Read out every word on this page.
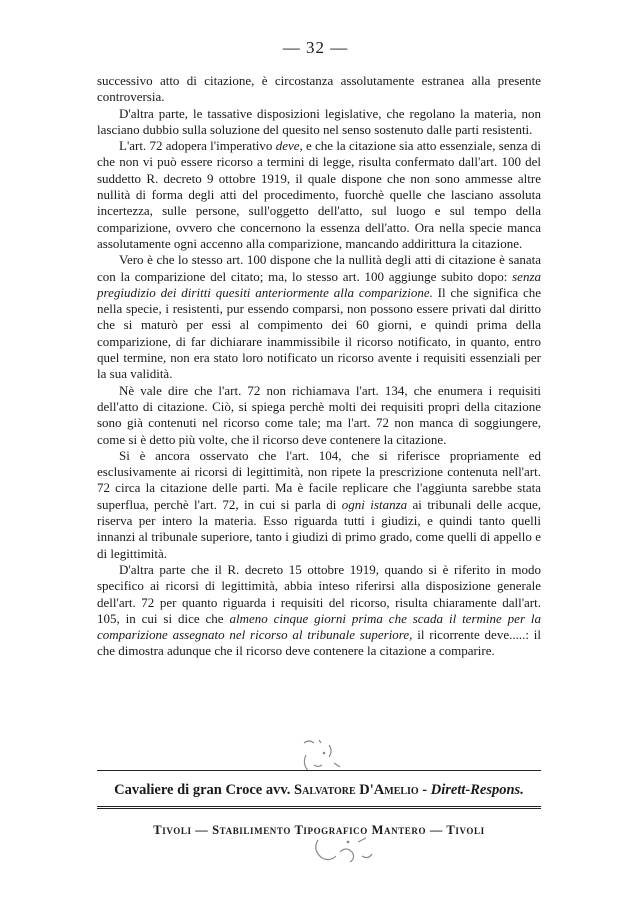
— 32 —

successivo atto di citazione, è circostanza assolutamente estranea alla presente controversia.

D'altra parte, le tassative disposizioni legislative, che regolano la materia, non lasciano dubbio sulla soluzione del quesito nel senso sostenuto dalle parti resistenti.

L'art. 72 adopera l'imperativo deve, e che la citazione sia atto essenziale, senza di che non vi può essere ricorso a termini di legge, risulta confermato dall'art. 100 del suddetto R. decreto 9 ottobre 1919, il quale dispone che non sono ammesse altre nullità di forma degli atti del procedimento, fuorchè quelle che lasciano assoluta incertezza, sulle persone, sull'oggetto dell'atto, sul luogo e sul tempo della comparizione, ovvero che concernono la essenza dell'atto. Ora nella specie manca assolutamente ogni accenno alla comparizione, mancando addirittura la citazione.

Vero è che lo stesso art. 100 dispone che la nullità degli atti di citazione è sanata con la comparizione del citato; ma, lo stesso art. 100 aggiunge subito dopo: senza pregiudizio dei diritti quesiti anteriormente alla comparizione. Il che significa che nella specie, i resistenti, pur essendo comparsi, non possono essere privati dal diritto che si maturò per essi al compimento dei 60 giorni, e quindi prima della comparizione, di far dichiarare inammissibile il ricorso notificato, in quanto, entro quel termine, non era stato loro notificato un ricorso avente i requisiti essenziali per la sua validità.

Nè vale dire che l'art. 72 non richiamava l'art. 134, che enumera i requisiti dell'atto di citazione. Ciò, si spiega perchè molti dei requisiti propri della citazione sono già contenuti nel ricorso come tale; ma l'art. 72 non manca di soggiungere, come si è detto più volte, che il ricorso deve contenere la citazione.

Si è ancora osservato che l'art. 104, che si riferisce propriamente ed esclusivamente ai ricorsi di legittimità, non ripete la prescrizione contenuta nell'art. 72 circa la citazione delle parti. Ma è facile replicare che l'aggiunta sarebbe stata superflua, perchè l'art. 72, in cui si parla di ogni istanza ai tribunali delle acque, riserva per intero la materia. Esso riguarda tutti i giudizi, e quindi tanto quelli innanzi al tribunale superiore, tanto i giudizi di primo grado, come quelli di appello e di legittimità.

D'altra parte che il R. decreto 15 ottobre 1919, quando si è riferito in modo specifico ai ricorsi di legittimità, abbia inteso riferirsi alla disposizione generale dell'art. 72 per quanto riguarda i requisiti del ricorso, risulta chiaramente dall'art. 105, in cui si dice che almeno cinque giorni prima che scada il termine per la comparizione assegnato nel ricorso al tribunale superiore, il ricorrente deve.....: il che dimostra adunque che il ricorso deve contenere la citazione a comparire.

Cavaliere di gran Croce avv. Salvatore D'Amelio - Dirett-Respons.
Tivoli — Stabilimento Tipografico Mantero — Tivoli
